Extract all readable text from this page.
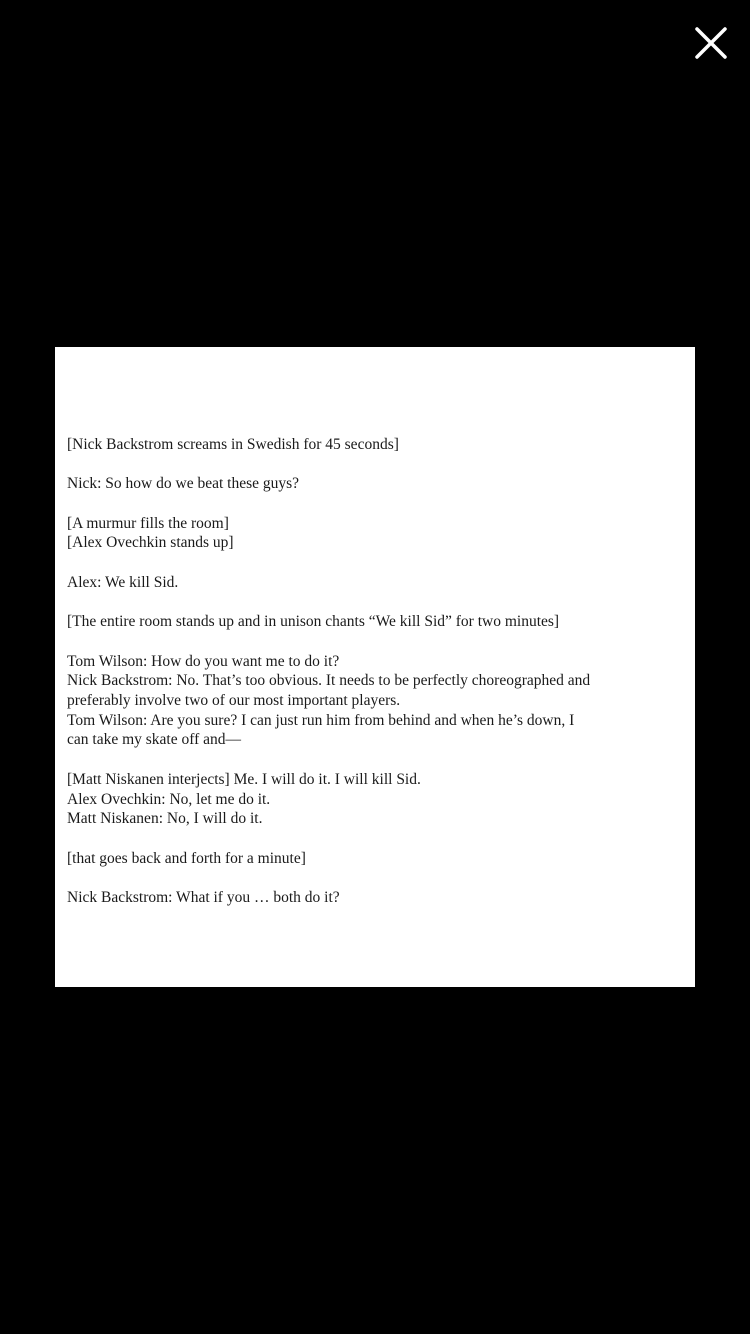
[Nick Backstrom screams in Swedish for 45 seconds]
Nick: So how do we beat these guys?
[A murmur fills the room]
[Alex Ovechkin stands up]
Alex: We kill Sid.
[The entire room stands up and in unison chants “We kill Sid” for two minutes]
Tom Wilson: How do you want me to do it?
Nick Backstrom: No. That’s too obvious. It needs to be perfectly choreographed and
preferably involve two of our most important players.
Tom Wilson: Are you sure? I can just run him from behind and when he’s down, I
can take my skate off and—
[Matt Niskanen interjects] Me. I will do it. I will kill Sid.
Alex Ovechkin: No, let me do it.
Matt Niskanen: No, I will do it.
[that goes back and forth for a minute]
Nick Backstrom: What if you … both do it?
